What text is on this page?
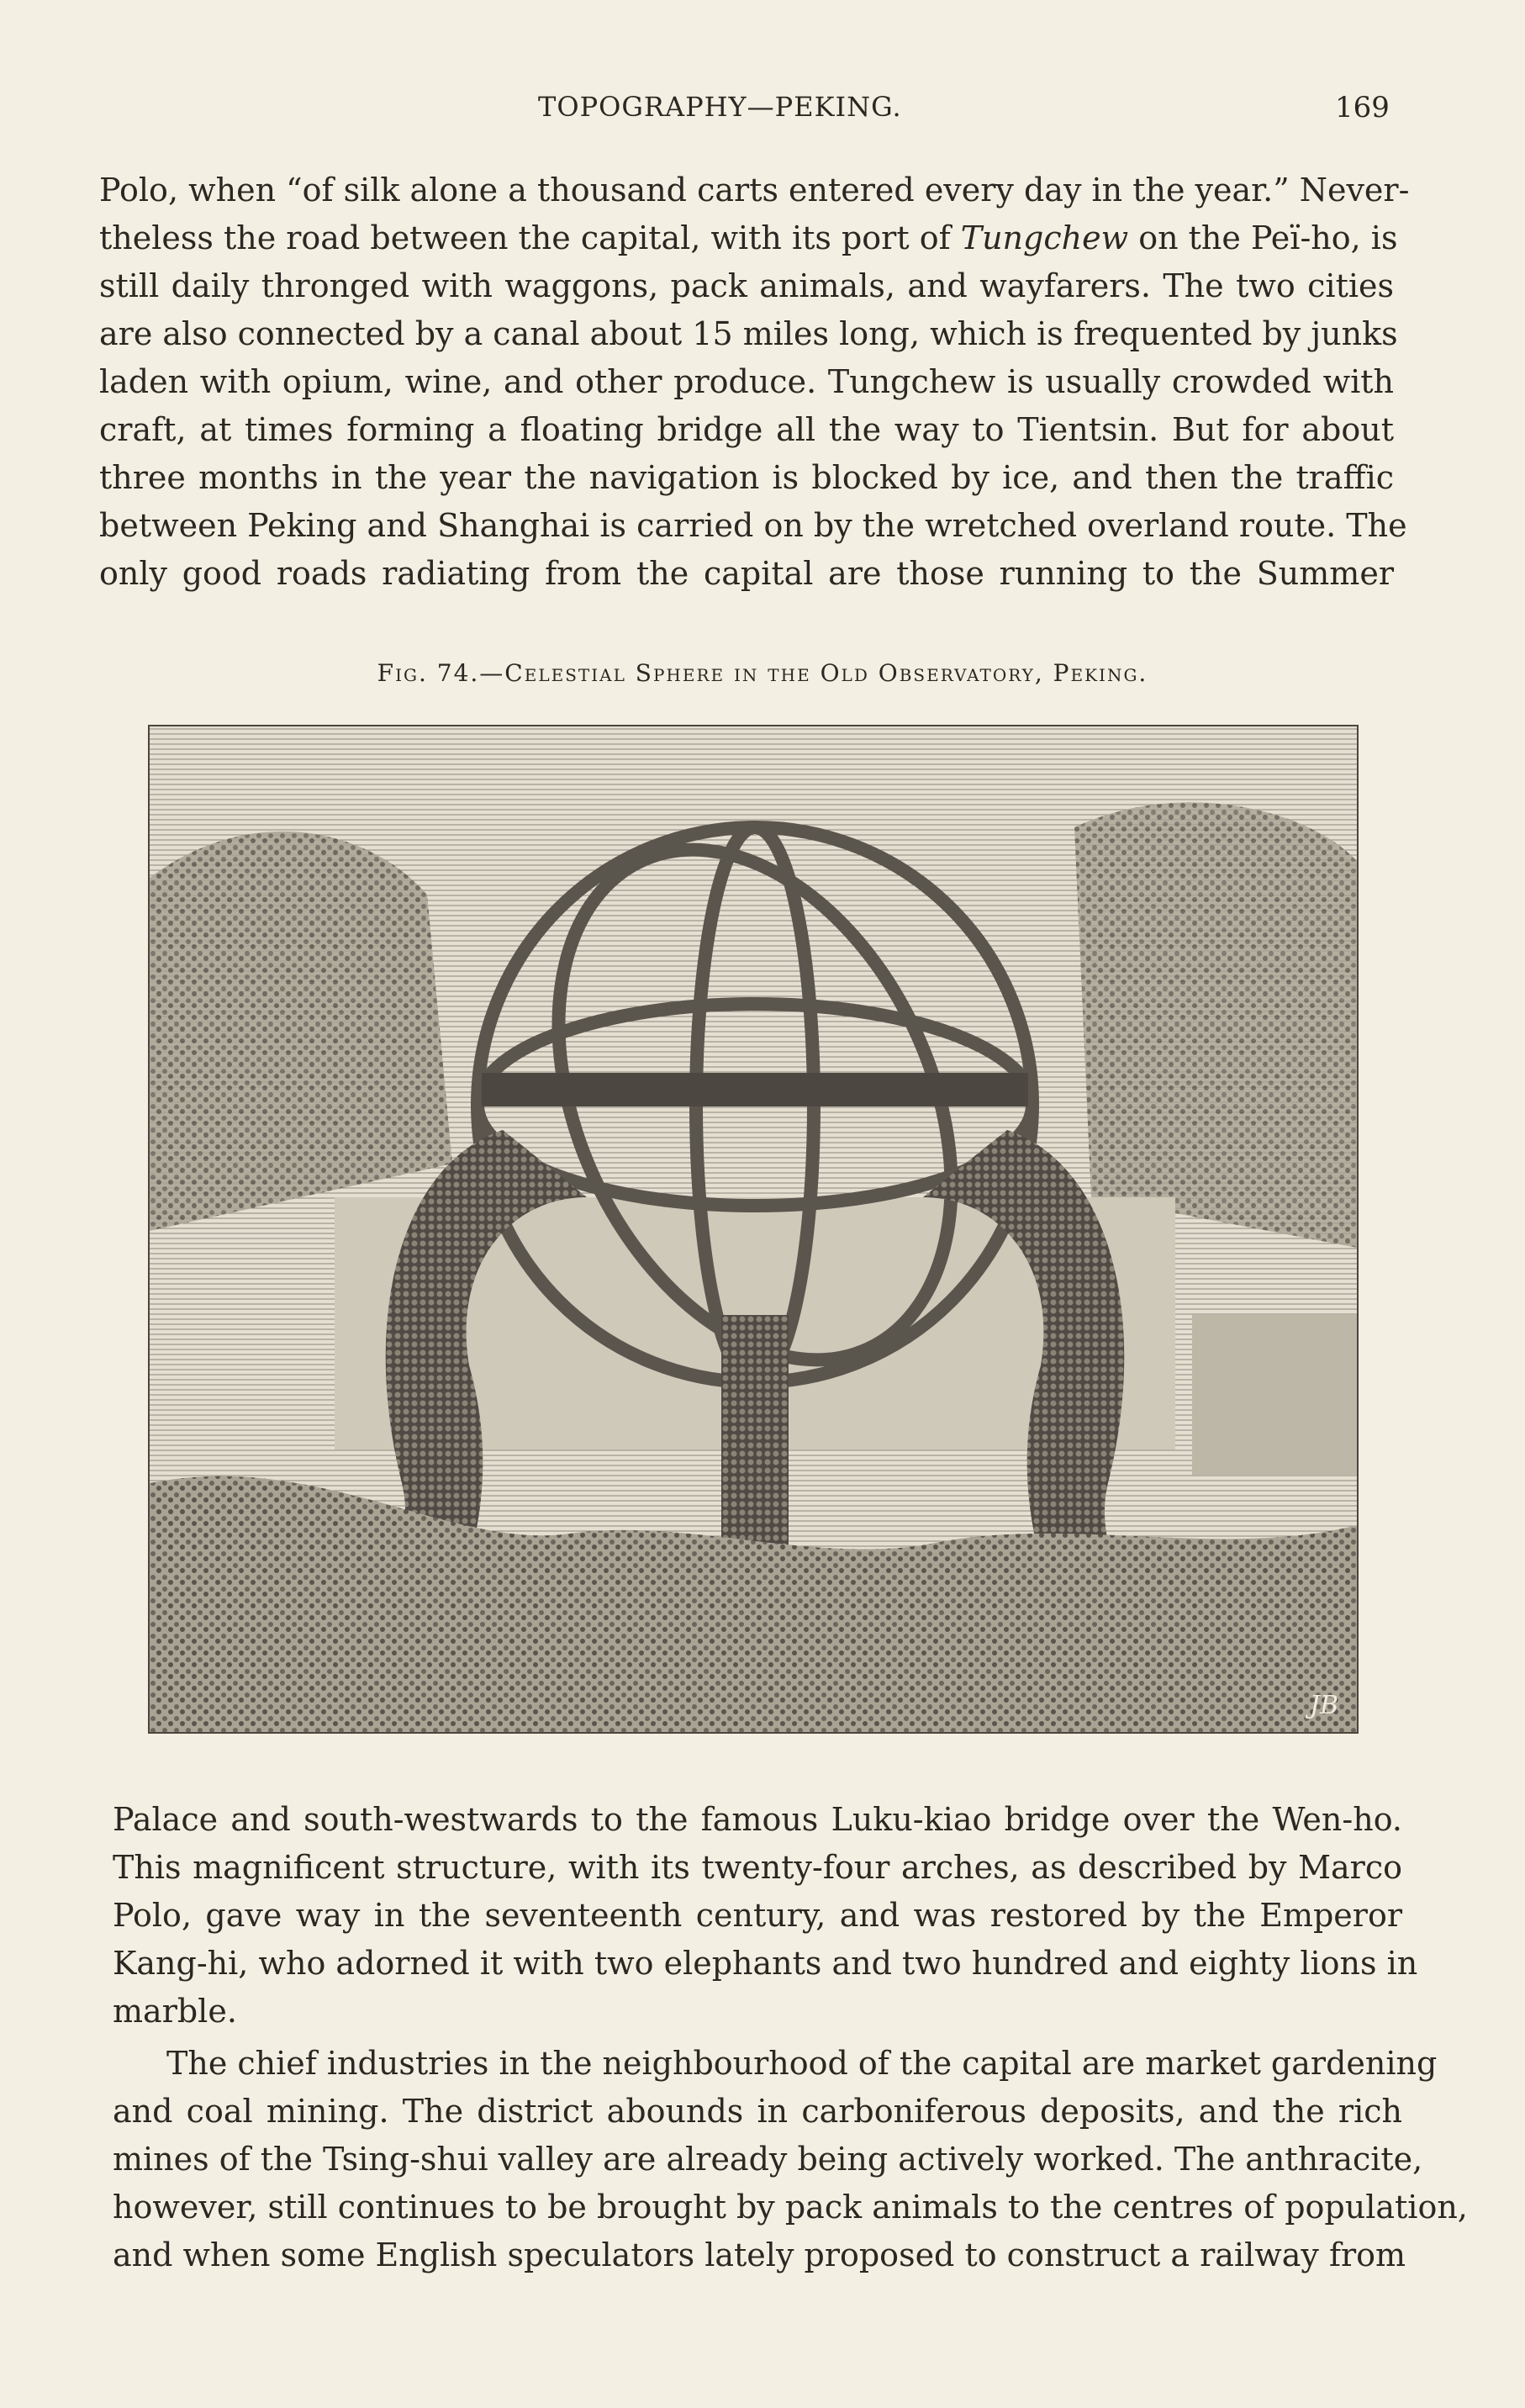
TOPOGRAPHY—PEKING.	169
Polo, when “of silk alone a thousand carts entered every day in the year.” Never-
theless the road between the capital, with its port of Tungchew on the Peï-ho, is
still daily thronged with waggons, pack animals, and wayfarers. The two cities
are also connected by a canal about 15 miles long, which is frequented by junks
laden with opium, wine, and other produce. Tungchew is usually crowded with
craft, at times forming a floating bridge all the way to Tientsin. But for about
three months in the year the navigation is blocked by ice, and then the traffic
between Peking and Shanghai is carried on by the wretched overland route. The
only good roads radiating from the capital are those running to the Summer
Fig. 74.—Celestial Sphere in the Old Observatory, Peking.
JB
Palace and south-westwards to the famous Luku-kiao bridge over the Wen-ho.
This magnificent structure, with its twenty-four arches, as described by Marco
Polo, gave way in the seventeenth century, and was restored by the Emperor
Kang-hi, who adorned it with two elephants and two hundred and eighty lions in
marble.
The chief industries in the neighbourhood of the capital are market gardening
and coal mining. The district abounds in carboniferous deposits, and the rich
mines of the Tsing-shui valley are already being actively worked. The anthracite,
however, still continues to be brought by pack animals to the centres of population,
and when some English speculators lately proposed to construct a railway from
